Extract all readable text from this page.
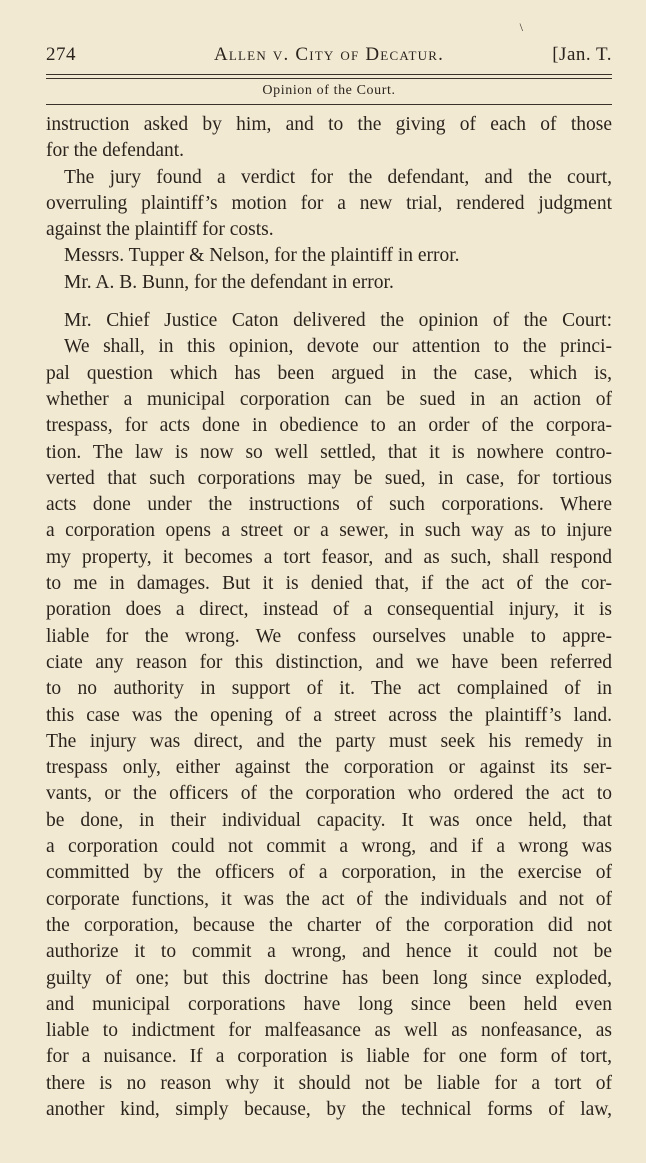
\
274	Allen v. City of Decatur.	[Jan. T.
Opinion of the Court.
instruction asked by him, and to the giving of each of those
for the defendant.
The jury found a verdict for the defendant, and the court,
overruling plaintiff’s motion for a new trial, rendered judgment
against the plaintiff for costs.
Messrs. Tupper & Nelson, for the plaintiff in error.
Mr. A. B. Bunn, for the defendant in error.
Mr. Chief Justice Caton delivered the opinion of the Court:
We shall, in this opinion, devote our attention to the princi-
pal question which has been argued in the case, which is,
whether a municipal corporation can be sued in an action of
trespass, for acts done in obedience to an order of the corpora-
tion. The law is now so well settled, that it is nowhere contro-
verted that such corporations may be sued, in case, for tortious
acts done under the instructions of such corporations. Where
a corporation opens a street or a sewer, in such way as to injure
my property, it becomes a tort feasor, and as such, shall respond
to me in damages. But it is denied that, if the act of the cor-
poration does a direct, instead of a consequential injury, it is
liable for the wrong. We confess ourselves unable to appre-
ciate any reason for this distinction, and we have been referred
to no authority in support of it. The act complained of in
this case was the opening of a street across the plaintiff’s land.
The injury was direct, and the party must seek his remedy in
trespass only, either against the corporation or against its ser-
vants, or the officers of the corporation who ordered the act to
be done, in their individual capacity. It was once held, that
a corporation could not commit a wrong, and if a wrong was
committed by the officers of a corporation, in the exercise of
corporate functions, it was the act of the individuals and not of
the corporation, because the charter of the corporation did not
authorize it to commit a wrong, and hence it could not be
guilty of one; but this doctrine has been long since exploded,
and municipal corporations have long since been held even
liable to indictment for malfeasance as well as nonfeasance, as
for a nuisance. If a corporation is liable for one form of tort,
there is no reason why it should not be liable for a tort of
another kind, simply because, by the technical forms of law,
